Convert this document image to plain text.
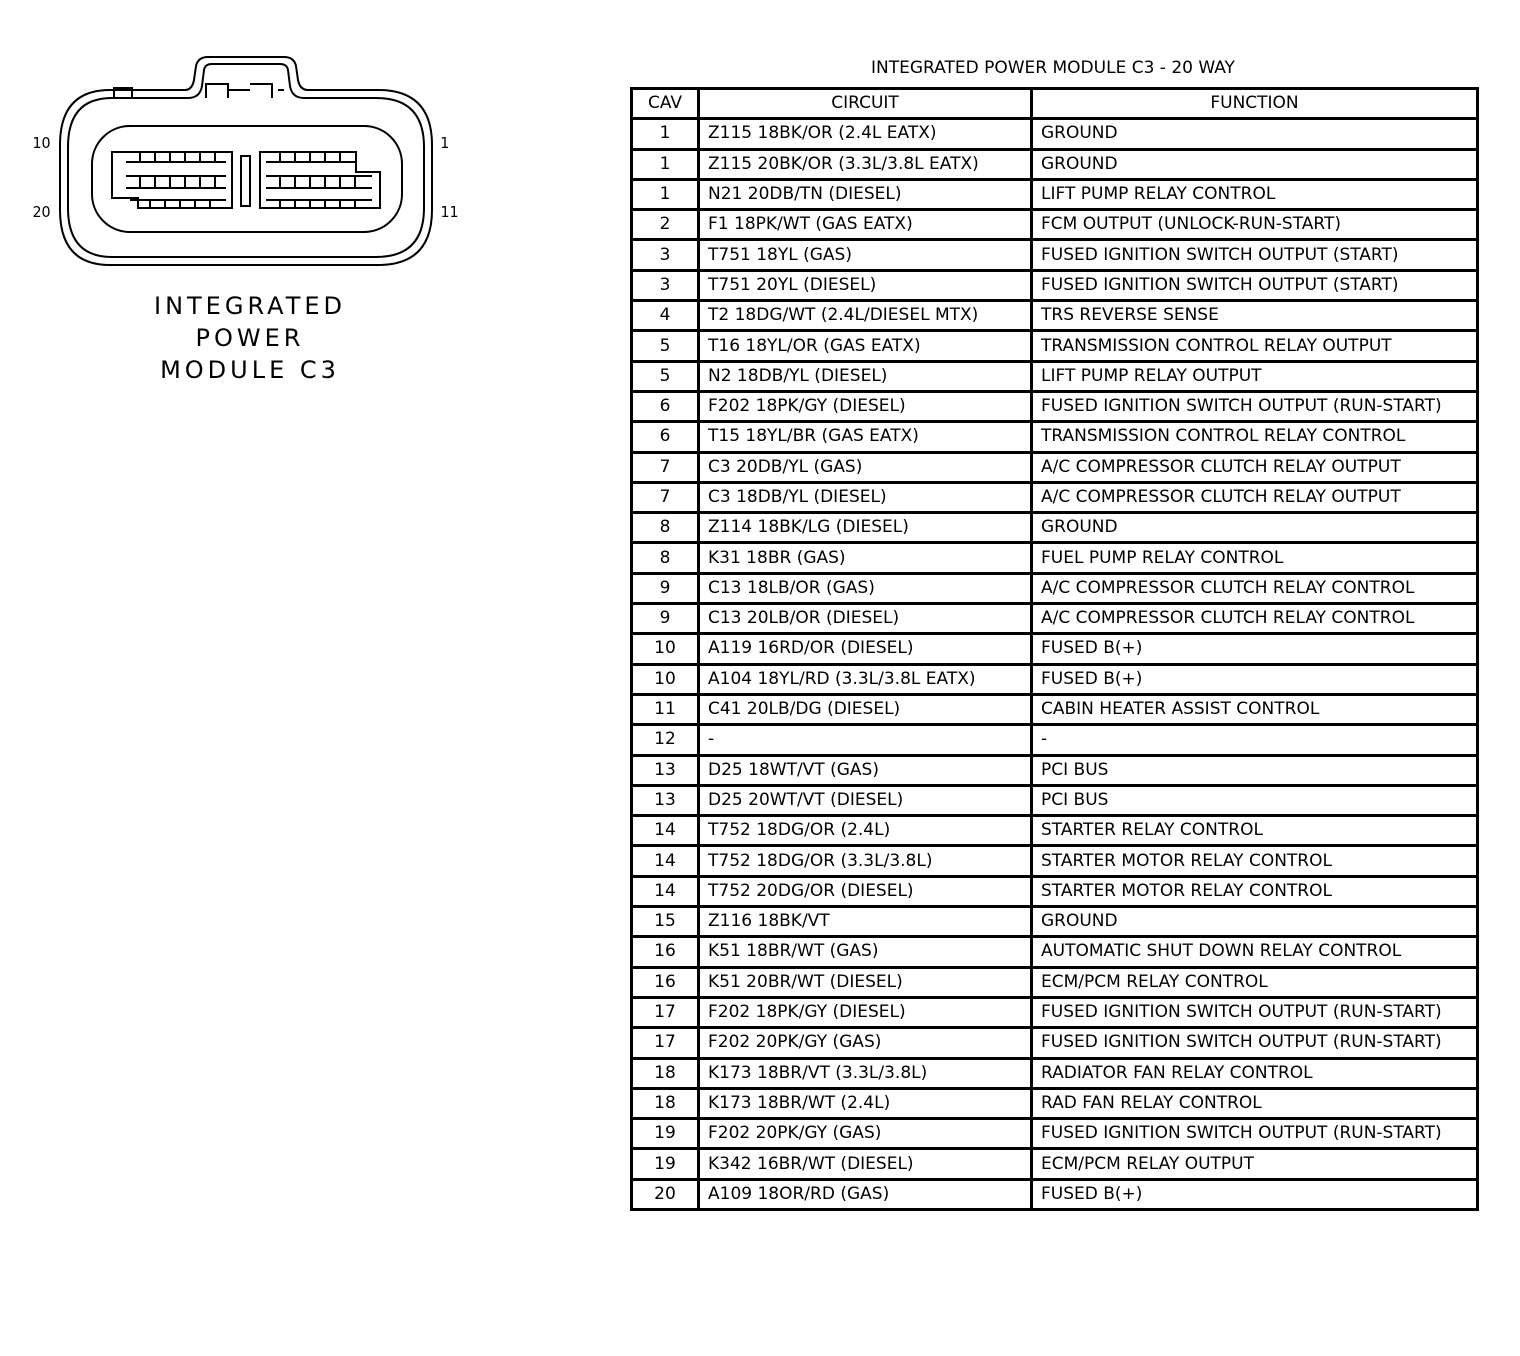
10
20
1
11
INTEGRATED
POWER
MODULE C3
INTEGRATED POWER MODULE C3 - 20 WAY
CAV	CIRCUIT	FUNCTION
1	Z115 18BK/OR (2.4L EATX)	GROUND
1	Z115 20BK/OR (3.3L/3.8L EATX)	GROUND
1	N21 20DB/TN (DIESEL)	LIFT PUMP RELAY CONTROL
2	F1 18PK/WT (GAS EATX)	FCM OUTPUT (UNLOCK-RUN-START)
3	T751 18YL (GAS)	FUSED IGNITION SWITCH OUTPUT (START)
3	T751 20YL (DIESEL)	FUSED IGNITION SWITCH OUTPUT (START)
4	T2 18DG/WT (2.4L/DIESEL MTX)	TRS REVERSE SENSE
5	T16 18YL/OR (GAS EATX)	TRANSMISSION CONTROL RELAY OUTPUT
5	N2 18DB/YL (DIESEL)	LIFT PUMP RELAY OUTPUT
6	F202 18PK/GY (DIESEL)	FUSED IGNITION SWITCH OUTPUT (RUN-START)
6	T15 18YL/BR (GAS EATX)	TRANSMISSION CONTROL RELAY CONTROL
7	C3 20DB/YL (GAS)	A/C COMPRESSOR CLUTCH RELAY OUTPUT
7	C3 18DB/YL (DIESEL)	A/C COMPRESSOR CLUTCH RELAY OUTPUT
8	Z114 18BK/LG (DIESEL)	GROUND
8	K31 18BR (GAS)	FUEL PUMP RELAY CONTROL
9	C13 18LB/OR (GAS)	A/C COMPRESSOR CLUTCH RELAY CONTROL
9	C13 20LB/OR (DIESEL)	A/C COMPRESSOR CLUTCH RELAY CONTROL
10	A119 16RD/OR (DIESEL)	FUSED B(+)
10	A104 18YL/RD (3.3L/3.8L EATX)	FUSED B(+)
11	C41 20LB/DG (DIESEL)	CABIN HEATER ASSIST CONTROL
12	-	-
13	D25 18WT/VT (GAS)	PCI BUS
13	D25 20WT/VT (DIESEL)	PCI BUS
14	T752 18DG/OR (2.4L)	STARTER RELAY CONTROL
14	T752 18DG/OR (3.3L/3.8L)	STARTER MOTOR RELAY CONTROL
14	T752 20DG/OR (DIESEL)	STARTER MOTOR RELAY CONTROL
15	Z116 18BK/VT	GROUND
16	K51 18BR/WT (GAS)	AUTOMATIC SHUT DOWN RELAY CONTROL
16	K51 20BR/WT (DIESEL)	ECM/PCM RELAY CONTROL
17	F202 18PK/GY (DIESEL)	FUSED IGNITION SWITCH OUTPUT (RUN-START)
17	F202 20PK/GY (GAS)	FUSED IGNITION SWITCH OUTPUT (RUN-START)
18	K173 18BR/VT (3.3L/3.8L)	RADIATOR FAN RELAY CONTROL
18	K173 18BR/WT (2.4L)	RAD FAN RELAY CONTROL
19	F202 20PK/GY (GAS)	FUSED IGNITION SWITCH OUTPUT (RUN-START)
19	K342 16BR/WT (DIESEL)	ECM/PCM RELAY OUTPUT
20	A109 18OR/RD (GAS)	FUSED B(+)
